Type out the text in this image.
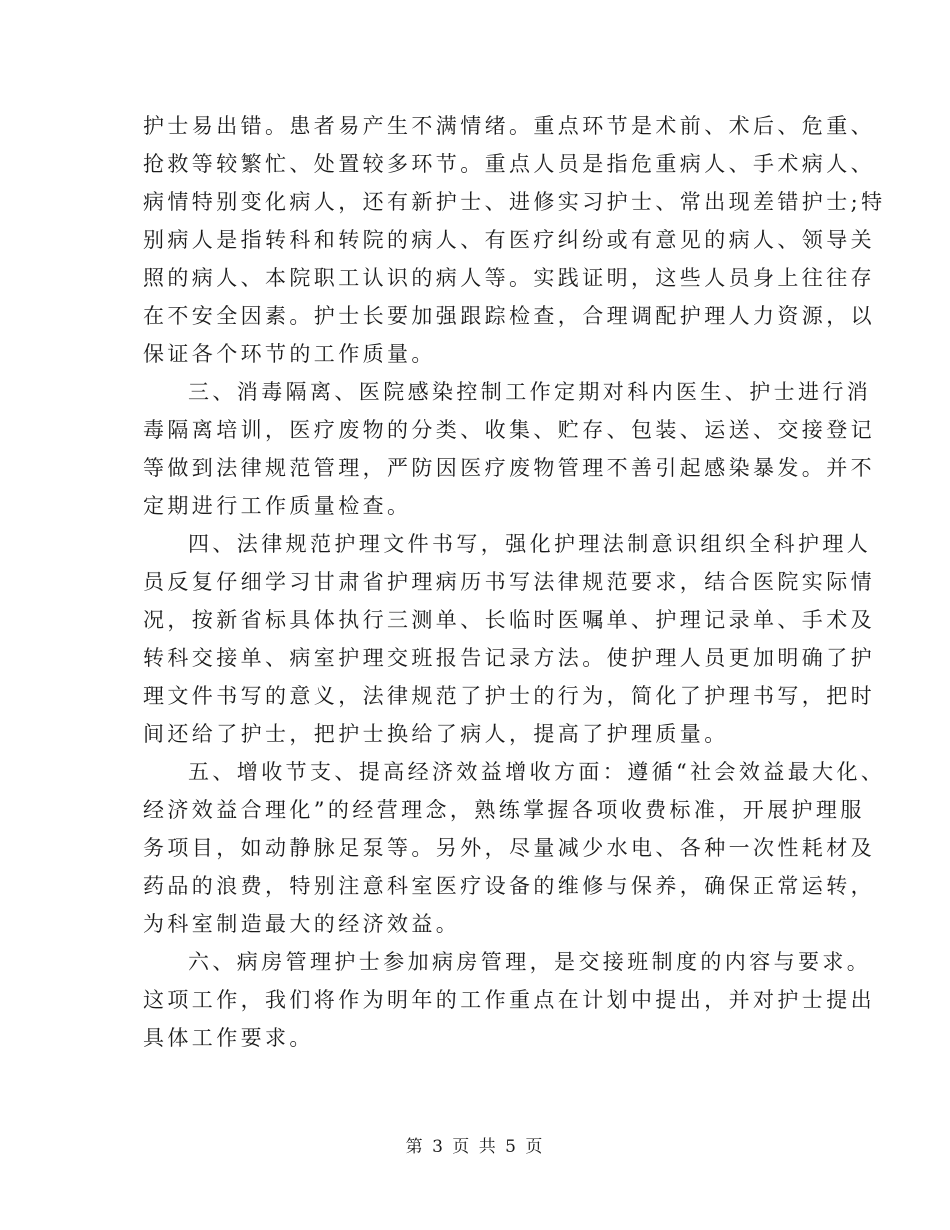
护士易出错。患者易产生不满情绪。重点环节是术前、术后、危重、
抢救等较繁忙、处置较多环节。重点人员是指危重病人、手术病人、
病情特别变化病人，还有新护士、进修实习护士、常出现差错护士;特
别病人是指转科和转院的病人、有医疗纠纷或有意见的病人、领导关
照的病人、本院职工认识的病人等。实践证明，这些人员身上往往存
在不安全因素。护士长要加强跟踪检查，合理调配护理人力资源，以
保证各个环节的工作质量。
三、消毒隔离、医院感染控制工作定期对科内医生、护士进行消
毒隔离培训，医疗废物的分类、收集、贮存、包装、运送、交接登记
等做到法律规范管理，严防因医疗废物管理不善引起感染暴发。并不
定期进行工作质量检查。
四、法律规范护理文件书写，强化护理法制意识组织全科护理人
员反复仔细学习甘肃省护理病历书写法律规范要求，结合医院实际情
况，按新省标具体执行三测单、长临时医嘱单、护理记录单、手术及
转科交接单、病室护理交班报告记录方法。使护理人员更加明确了护
理文件书写的意义，法律规范了护士的行为，简化了护理书写，把时
间还给了护士，把护士换给了病人，提高了护理质量。
五、增收节支、提高经济效益增收方面：遵循“社会效益最大化、
经济效益合理化”的经营理念，熟练掌握各项收费标准，开展护理服
务项目，如动静脉足泵等。另外，尽量减少水电、各种一次性耗材及
药品的浪费，特别注意科室医疗设备的维修与保养，确保正常运转，
为科室制造最大的经济效益。
六、病房管理护士参加病房管理，是交接班制度的内容与要求。
这项工作，我们将作为明年的工作重点在计划中提出，并对护士提出
具体工作要求。
第 3 页 共 5 页
